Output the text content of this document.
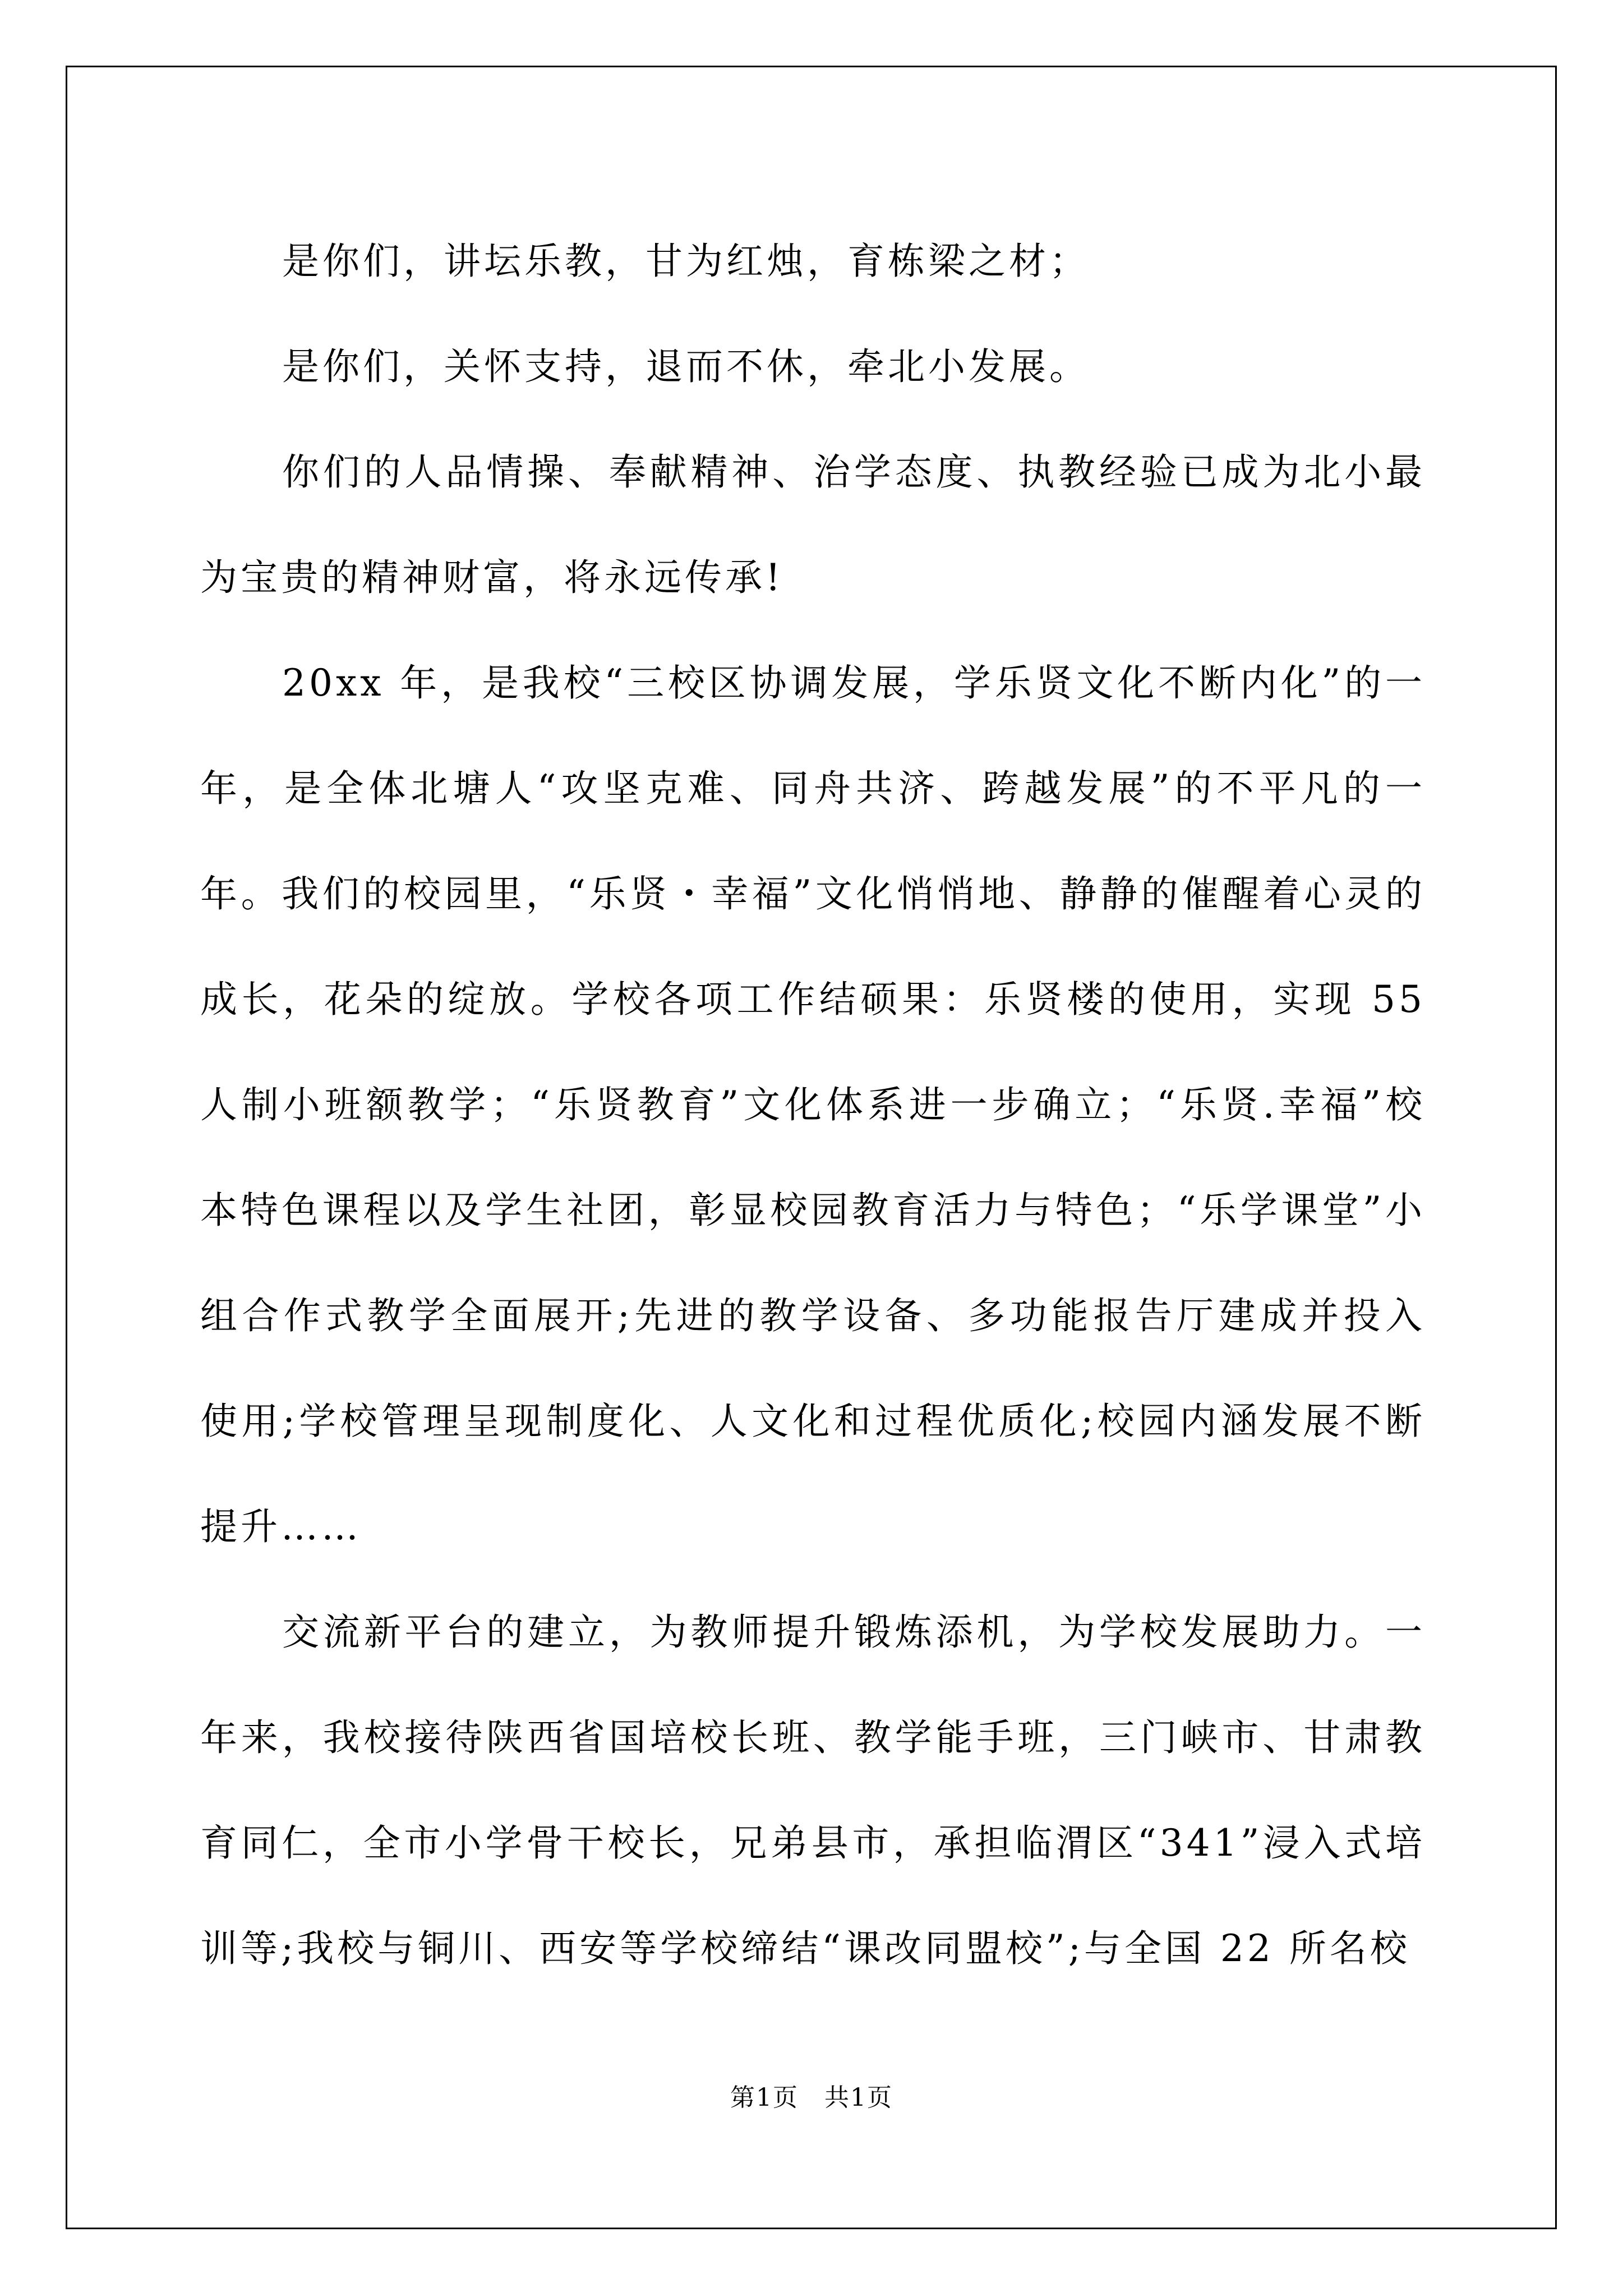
是你们，讲坛乐教，甘为红烛，育栋梁之材；

是你们，关怀支持，退而不休，牵北小发展。

你们的人品情操、奉献精神、治学态度、执教经验已成为北小最为宝贵的精神财富，将永远传承!

20xx 年，是我校“三校区协调发展，学乐贤文化不断内化”的一年，是全体北塘人“攻坚克难、同舟共济、跨越发展”的不平凡的一年。我们的校园里，“乐贤・幸福”文化悄悄地、静静的催醒着心灵的成长，花朵的绽放。学校各项工作结硕果：乐贤楼的使用，实现 55 人制小班额教学；“乐贤教育”文化体系进一步确立；“乐贤.幸福”校本特色课程以及学生社团，彰显校园教育活力与特色；“乐学课堂”小组合作式教学全面展开;先进的教学设备、多功能报告厅建成并投入使用;学校管理呈现制度化、人文化和过程优质化;校园内涵发展不断提升……

交流新平台的建立，为教师提升锻炼添机，为学校发展助力。一年来，我校接待陕西省国培校长班、教学能手班，三门峡市、甘肃教育同仁，全市小学骨干校长，兄弟县市，承担临渭区“341”浸入式培训等;我校与铜川、西安等学校缔结“课改同盟校”;与全国 22 所名校

第1页　共1页
